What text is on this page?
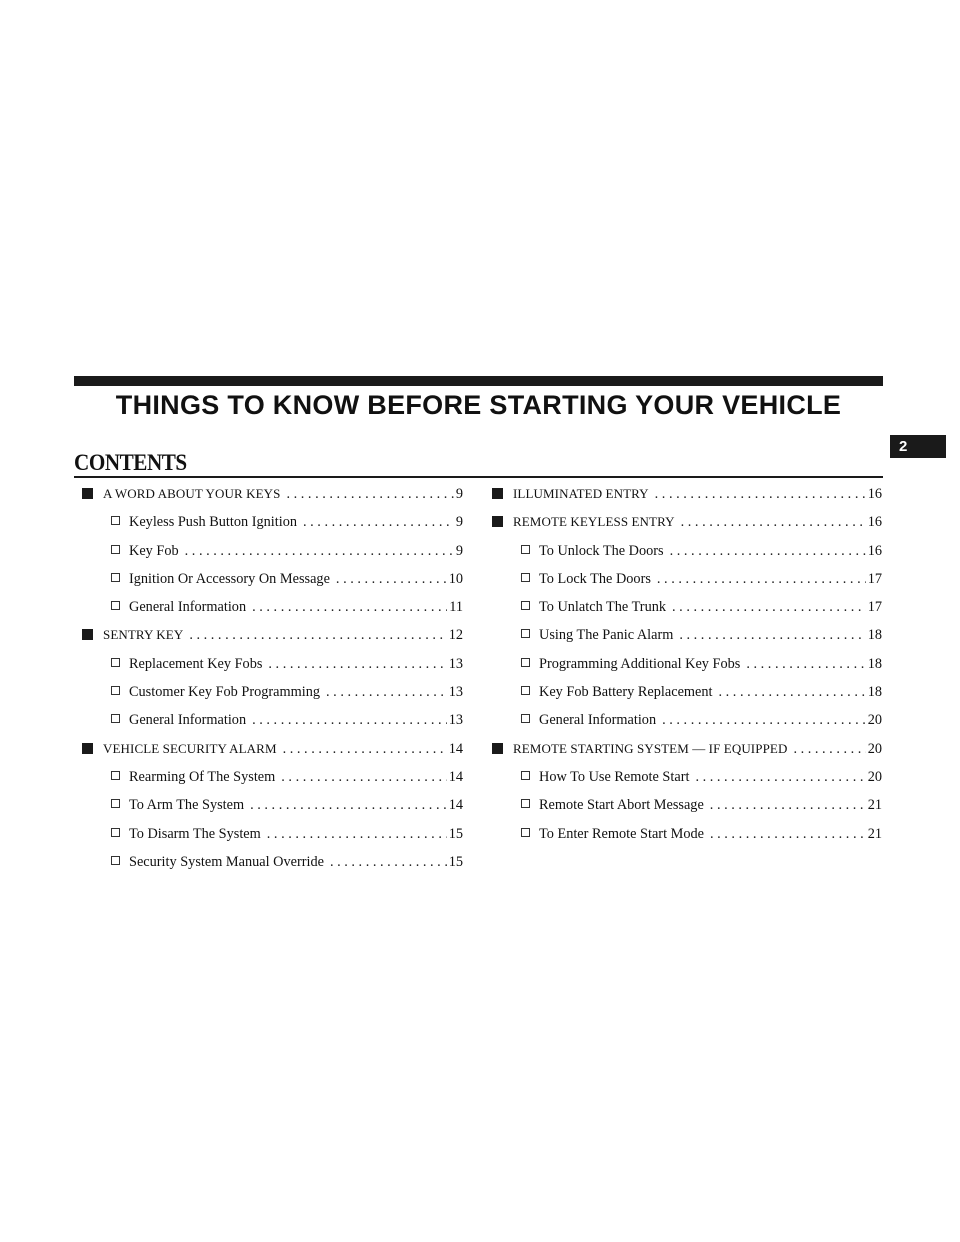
THINGS TO KNOW BEFORE STARTING YOUR VEHICLE
2
CONTENTS
A WORD ABOUT YOUR KEYS . . .	9
Keyless Push Button Ignition . . .	9
Key Fob . . .	9
Ignition Or Accessory On Message . . .	10
General Information . . .	11
SENTRY KEY . . .	12
Replacement Key Fobs . . .	13
Customer Key Fob Programming . . .	13
General Information . . .	13
VEHICLE SECURITY ALARM . . .	14
Rearming Of The System . . .	14
To Arm The System . . .	14
To Disarm The System . . .	15
Security System Manual Override . . .	15
ILLUMINATED ENTRY . . .	16
REMOTE KEYLESS ENTRY . . .	16
To Unlock The Doors . . .	16
To Lock The Doors . . .	17
To Unlatch The Trunk . . .	17
Using The Panic Alarm . . .	18
Programming Additional Key Fobs . . .	18
Key Fob Battery Replacement . . .	18
General Information . . .	20
REMOTE STARTING SYSTEM — IF EQUIPPED . . .	20
How To Use Remote Start . . .	20
Remote Start Abort Message . . .	21
To Enter Remote Start Mode . . .	21
